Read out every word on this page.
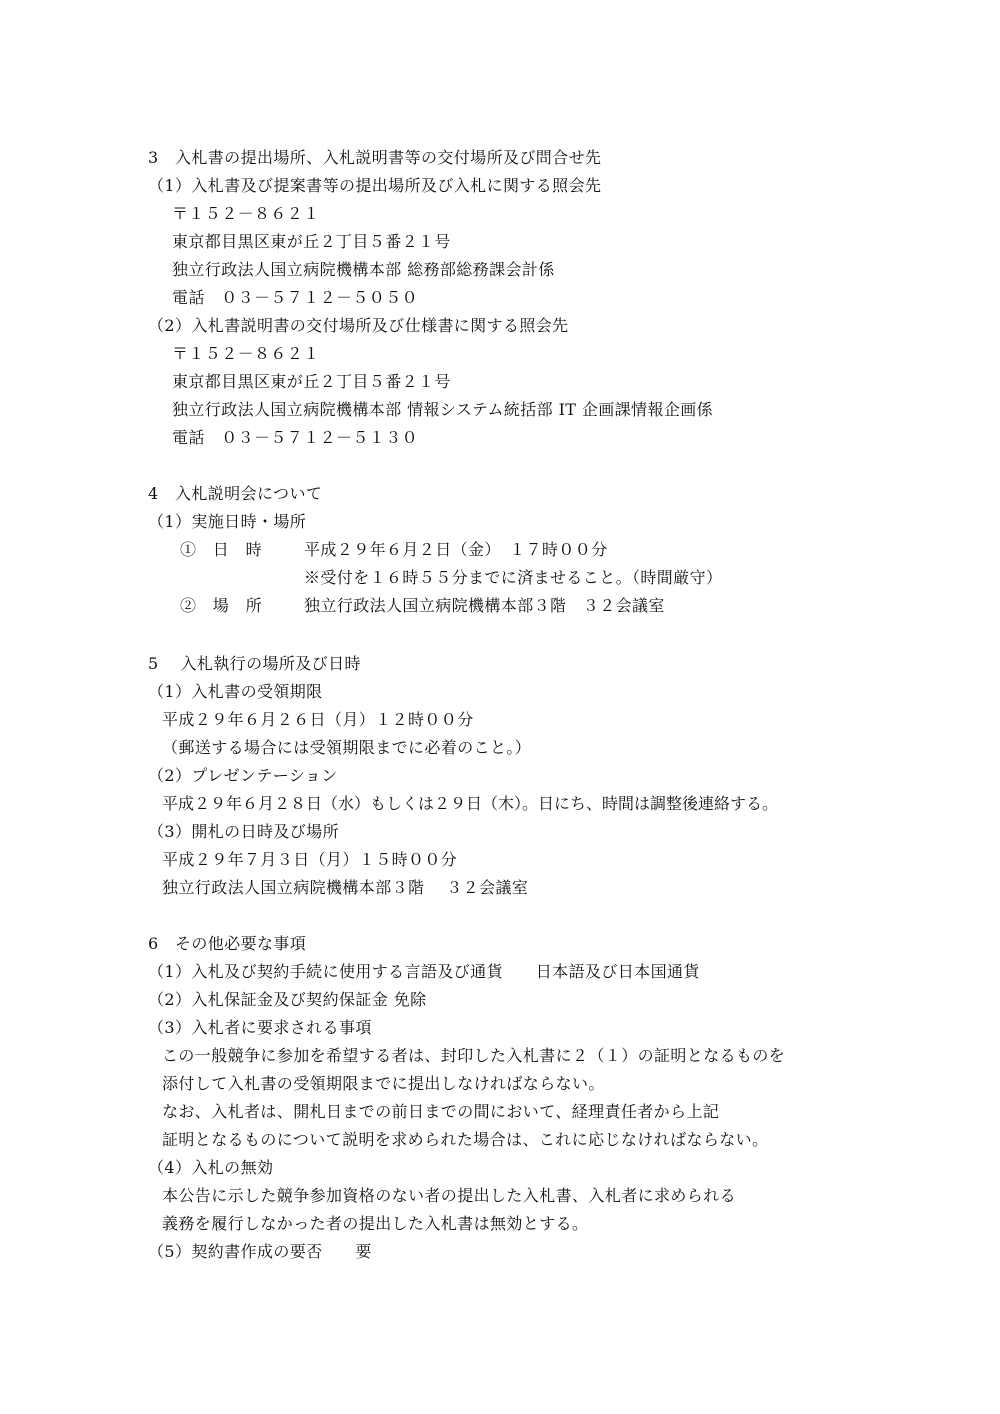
3　入札書の提出場所、入札説明書等の交付場所及び問合せ先
（1）入札書及び提案書等の提出場所及び入札に関する照会先
〒１５２－８６２１
東京都目黒区東が丘２丁目５番２１号
独立行政法人国立病院機構本部 総務部総務課会計係
電話　０３－５７１２－５０５０
（2）入札書説明書の交付場所及び仕様書に関する照会先
〒１５２－８６２１
東京都目黒区東が丘２丁目５番２１号
独立行政法人国立病院機構本部 情報システム統括部 IT 企画課情報企画係
電話　０３－５７１２－５１３０
4　入札説明会について
（1）実施日時・場所
①　日　時	平成２９年６月２日（金）　１７時００分
※受付を１６時５５分までに済ませること。（時間厳守）
②　場　所	独立行政法人国立病院機構本部３階　３２会議室
5　 入札執行の場所及び日時
（1）入札書の受領期限
平成２９年６月２６日（月）１２時００分
（郵送する場合には受領期限までに必着のこと。）
（2）プレゼンテーション
平成２９年６月２８日（水）もしくは２９日（木）。日にち、時間は調整後連絡する。
（3）開札の日時及び場所
平成２９年７月３日（月）１５時００分
独立行政法人国立病院機構本部３階　 ３２会議室
6　その他必要な事項
（1）入札及び契約手続に使用する言語及び通貨　　日本語及び日本国通貨
（2）入札保証金及び契約保証金 免除
（3）入札者に要求される事項
この一般競争に参加を希望する者は、封印した入札書に２（１）の証明となるものを
添付して入札書の受領期限までに提出しなければならない。
なお、入札者は、開札日までの前日までの間において、経理責任者から上記
証明となるものについて説明を求められた場合は、これに応じなければならない。
（4）入札の無効
本公告に示した競争参加資格のない者の提出した入札書、入札者に求められる
義務を履行しなかった者の提出した入札書は無効とする。
（5）契約書作成の要否　　要
